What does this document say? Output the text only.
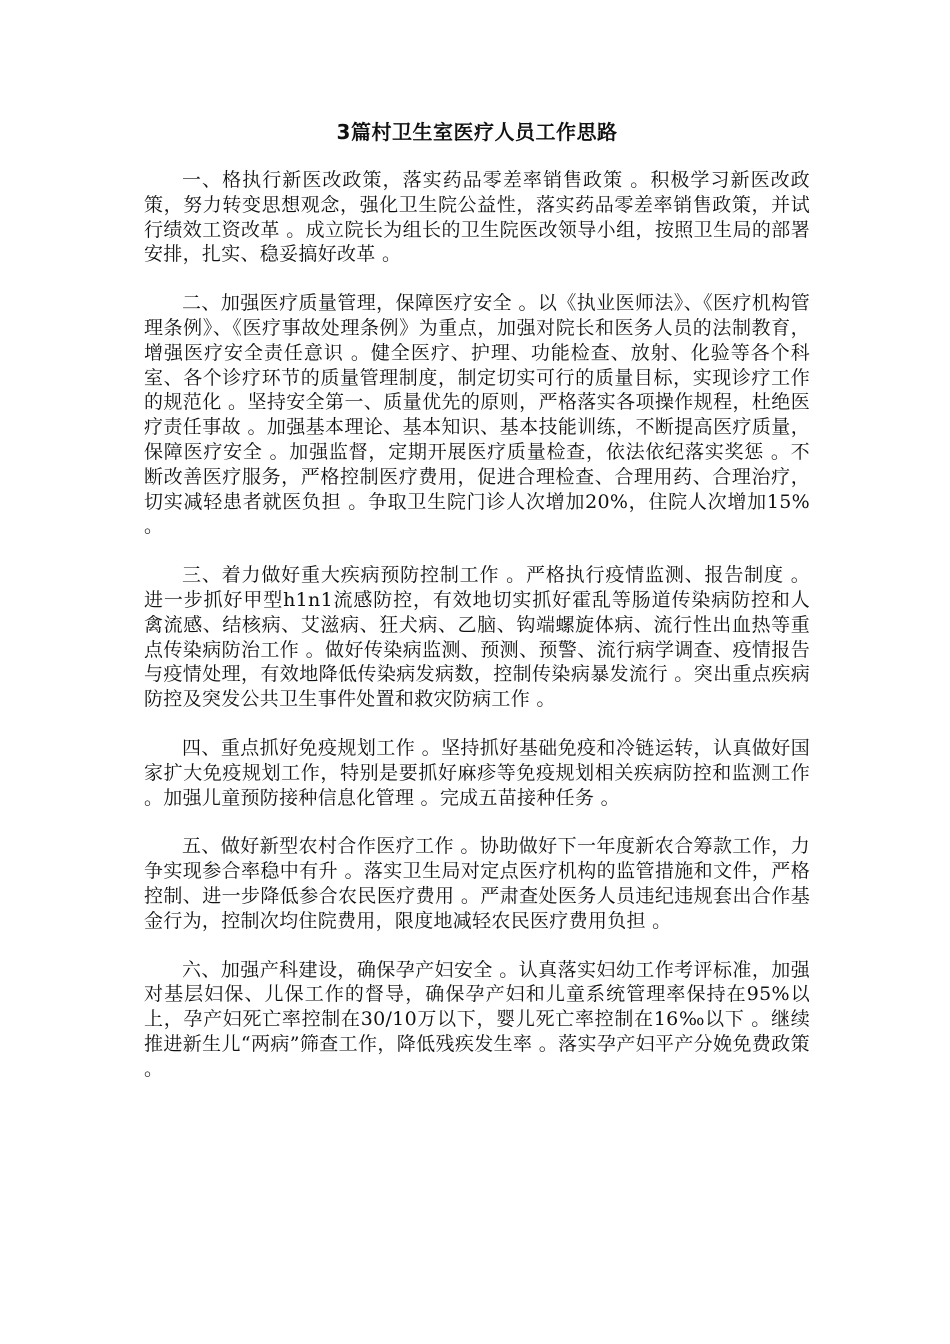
3篇村卫生室医疗人员工作思路

一、格执行新医改政策，落实药品零差率销售政策 。积极学习新医改政策，努力转变思想观念，强化卫生院公益性，落实药品零差率销售政策，并试行绩效工资改革 。成立院长为组长的卫生院医改领导小组，按照卫生局的部署安排，扎实、稳妥搞好改革 。

二、加强医疗质量管理，保障医疗安全 。以《执业医师法》、《医疗机构管理条例》、《医疗事故处理条例》为重点，加强对院长和医务人员的法制教育，增强医疗安全责任意识 。健全医疗、护理、功能检查、放射、化验等各个科室、各个诊疗环节的质量管理制度，制定切实可行的质量目标，实现诊疗工作的规范化 。坚持安全第一、质量优先的原则，严格落实各项操作规程，杜绝医疗责任事故 。加强基本理论、基本知识、基本技能训练，不断提高医疗质量，保障医疗安全 。加强监督，定期开展医疗质量检查，依法依纪落实奖惩 。不断改善医疗服务，严格控制医疗费用，促进合理检查、合理用药、合理治疗，切实减轻患者就医负担 。争取卫生院门诊人次增加20%，住院人次增加15% 。

三、着力做好重大疾病预防控制工作 。严格执行疫情监测、报告制度 。进一步抓好甲型h1n1流感防控，有效地切实抓好霍乱等肠道传染病防控和人禽流感、结核病、艾滋病、狂犬病、乙脑、钩端螺旋体病、流行性出血热等重点传染病防治工作 。做好传染病监测、预测、预警、流行病学调查、疫情报告与疫情处理，有效地降低传染病发病数，控制传染病暴发流行 。突出重点疾病防控及突发公共卫生事件处置和救灾防病工作 。

四、重点抓好免疫规划工作 。坚持抓好基础免疫和冷链运转，认真做好国家扩大免疫规划工作，特别是要抓好麻疹等免疫规划相关疾病防控和监测工作 。加强儿童预防接种信息化管理 。完成五苗接种任务 。

五、做好新型农村合作医疗工作 。协助做好下一年度新农合筹款工作，力争实现参合率稳中有升 。落实卫生局对定点医疗机构的监管措施和文件，严格控制、进一步降低参合农民医疗费用 。严肃查处医务人员违纪违规套出合作基金行为，控制次均住院费用，限度地减轻农民医疗费用负担 。

六、加强产科建设，确保孕产妇安全 。认真落实妇幼工作考评标准，加强对基层妇保、儿保工作的督导，确保孕产妇和儿童系统管理率保持在95%以上，孕产妇死亡率控制在30/10万以下，婴儿死亡率控制在16‰以下 。继续推进新生儿“两病”筛查工作，降低残疾发生率 。落实孕产妇平产分娩免费政策 。
